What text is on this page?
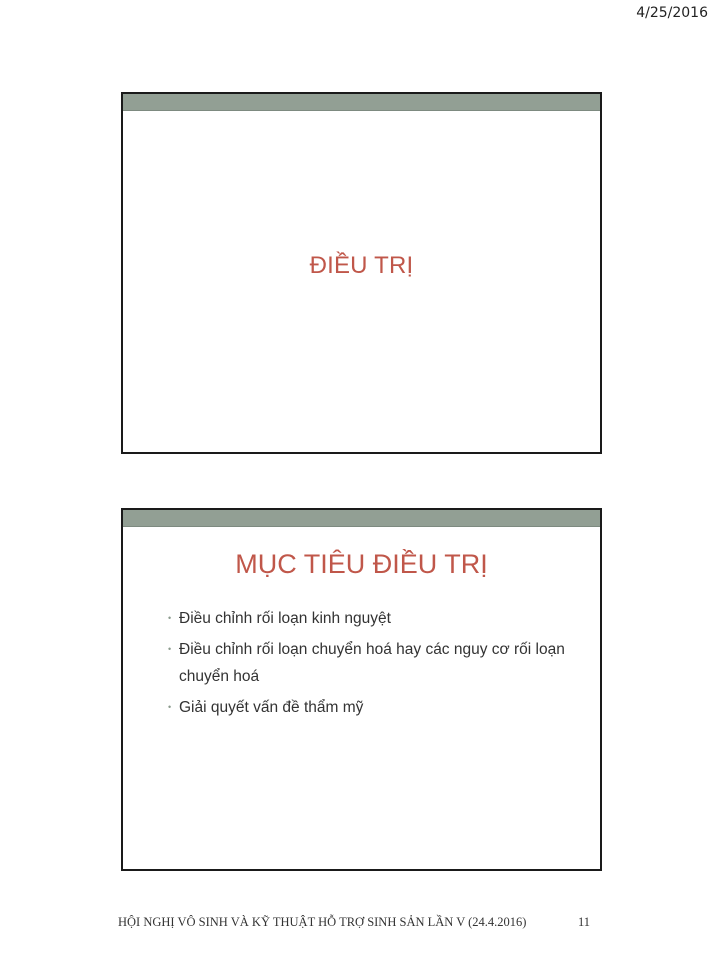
4/25/2016
ĐIỀU TRỊ
MỤC TIÊU ĐIỀU TRỊ
• Điều chỉnh rối loạn kinh nguyệt
• Điều chỉnh rối loạn chuyển hoá hay các nguy cơ rối loạn chuyển hoá
• Giải quyết vấn đề thẩm mỹ
HỘI NGHỊ VÔ SINH VÀ KỸ THUẬT HỖ TRỢ SINH SẢN LẦN V (24.4.2016)	11
